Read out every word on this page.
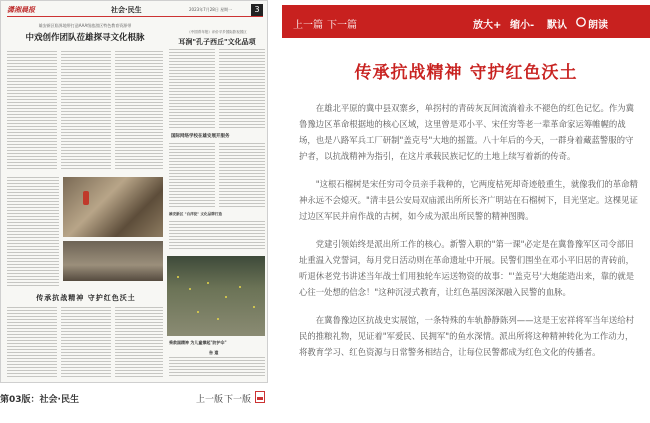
潇湘晨报	社会·民生	2023年7月28日 星期一	3
雄安新区临界地带打造AAA级旅游区特色教育资源带
中戏创作团队莅雄探寻文化根脉
《中国青年报》评价平乡国际影视园区
耳涧"孔子西丘"文化品项
国际网络学校在雄安展开服务
雄安新区 "白洋淀" 文化品牌打造
乘救国精神 为儿童撑起"防护伞"
告 遣
传承抗战精神 守护红色沃土
第03版：社会·民生	上一版 下一版
上一篇 下一篇	放大+ 缩小- 默认 朗读
传承抗战精神 守护红色沃土

在雄北平原的冀中县双寨乡，单拐村的青砖灰瓦间流淌着永不褪色的红色记忆。作为冀鲁豫边区革命根据地的核心区域，这里曾是邓小平、宋任穷等老一辈革命家运筹帷幄的战场，也是八路军兵工厂研制"盖克号"大地的摇篮。八十年后的今天，一群身着藏蓝警服的守护者，以抗战精神为指引，在这片承载民族记忆的土地上续写着新的传奇。

"这根石榴树是宋任穷司令员亲手栽种的，它两度枯死却奇迹般重生，就像我们的革命精神永远不会熄灭。"清丰县公安局双庙派出所所长齐广明站在石榴树下，目光坚定。这棵见证过边区军民并肩作战的古树，如今成为派出所民警的精神图腾。

党建引领始终是派出所工作的核心。新警入职的"第一课"必定是在冀鲁豫军区司令部旧址重温入党誓词，每月党日活动则在革命遗址中开展。民警们围坐在邓小平旧居的青砖前，听退休老党书讲述当年战士们用独轮车运送物资的故事："'盖克号'大炮能造出来，靠的就是心往一处想的信念！"这种沉浸式教育，让红色基因深深融入民警的血脉。

在冀鲁豫边区抗战史实展馆，一条特殊的车轨静静陈列——这是王宏祥将军当年送给村民的推粮礼物，见证着"军爱民、民拥军"的鱼水深情。派出所将这种精神转化为工作动力，将教育学习、红色资源与日常警务相结合，让每位民警都成为红色文化的传播者。
